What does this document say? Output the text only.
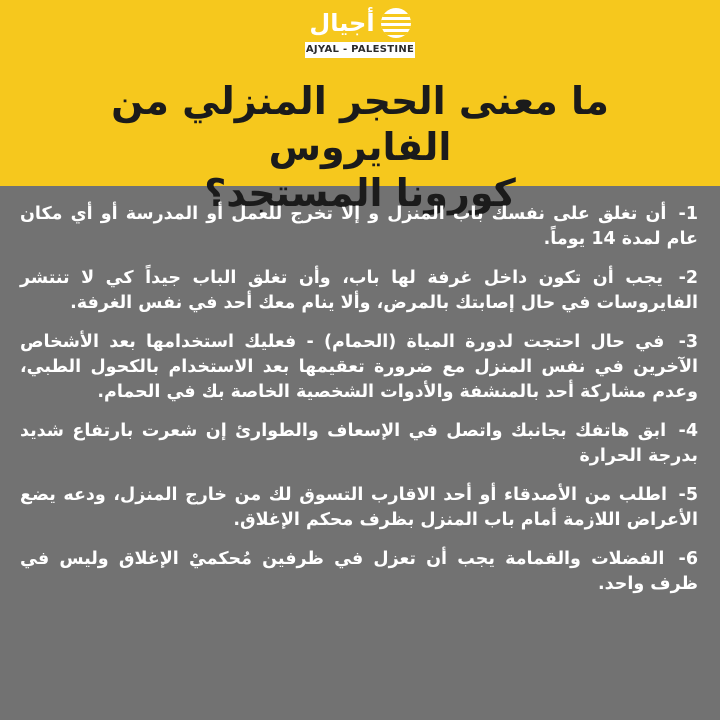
أجيال
AJYAL - PALESTINE
ما معنى الحجر المنزلي من الفايروس
كورونا المستجد؟	1- أن تغلق على نفسك باب المنزل و إلا تخرج للعمل أو المدرسة أو أي مكان عام لمدة 14 يوماً.
2- يجب أن تكون داخل غرفة لها باب، وأن تغلق الباب جيداً كي لا تنتشر الفايروسات في حال إصابتك بالمرض، وألا ينام معك أحد في نفس الغرفة.
3- في حال احتجت لدورة المياة (الحمام) - فعليك استخدامها بعد الأشخاص الآخرين في نفس المنزل مع ضرورة تعقيمها بعد الاستخدام بالكحول الطبي، وعدم مشاركة أحد بالمنشفة والأدوات الشخصية الخاصة بك في الحمام.
4- ابق هاتفك بجانبك واتصل في الإسعاف والطوارئ إن شعرت بارتفاع شديد بدرجة الحرارة
5- اطلب من الأصدقاء أو أحد الاقارب التسوق لك من خارج المنزل، ودعه يضع الأعراض اللازمة أمام باب المنزل بظرف محكم الإغلاق.
6- الفضلات والقمامة يجب أن تعزل في ظرفين مُحكميْ الإغلاق وليس في ظرف واحد.
